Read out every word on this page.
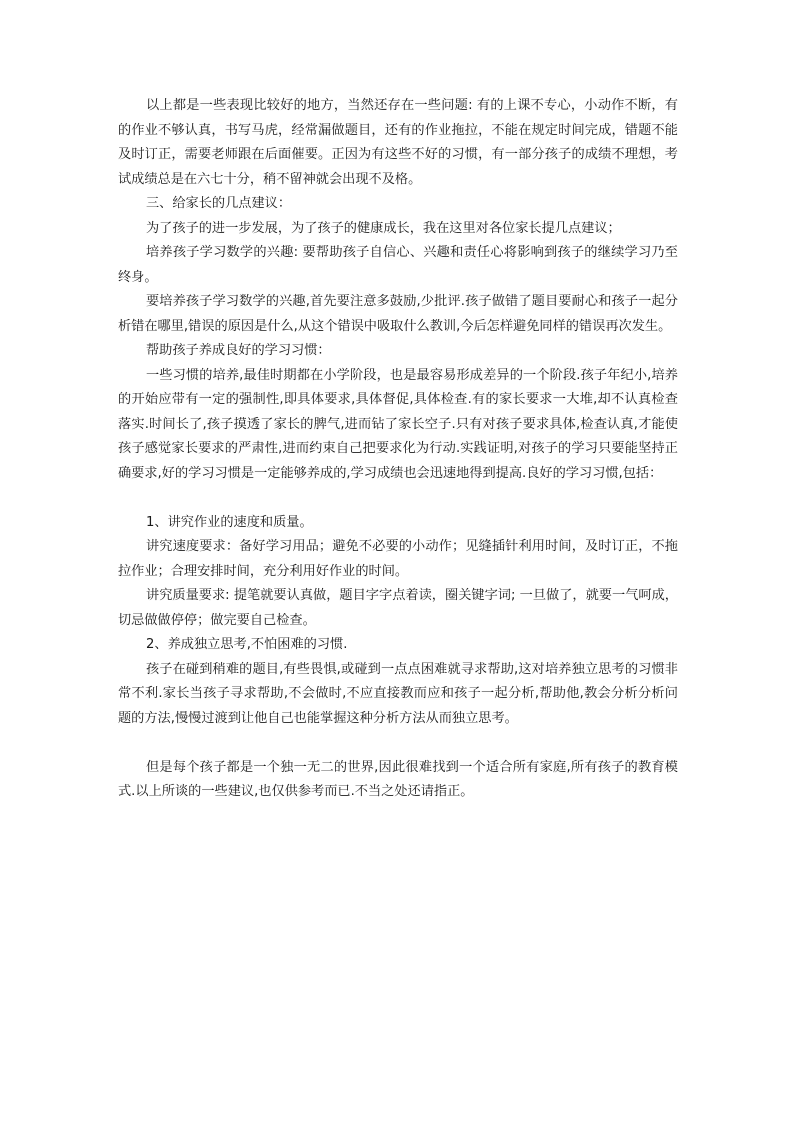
以上都是一些表现比较好的地方，当然还存在一些问题: 有的上课不专心，小动作不断，有的作业不够认真，书写马虎，经常漏做题目，还有的作业拖拉，不能在规定时间完成，错题不能及时订正，需要老师跟在后面催要。正因为有这些不好的习惯，有一部分孩子的成绩不理想，考试成绩总是在六七十分，稍不留神就会出现不及格。

三、给家长的几点建议：

为了孩子的进一步发展，为了孩子的健康成长，我在这里对各位家长提几点建议；

培养孩子学习数学的兴趣: 要帮助孩子自信心、兴趣和责任心将影响到孩子的继续学习乃至终身。

要培养孩子学习数学的兴趣,首先要注意多鼓励,少批评.孩子做错了题目要耐心和孩子一起分析错在哪里,错误的原因是什么,从这个错误中吸取什么教训,今后怎样避免同样的错误再次发生。

帮助孩子养成良好的学习习惯：

一些习惯的培养,最佳时期都在小学阶段，也是最容易形成差异的一个阶段.孩子年纪小,培养的开始应带有一定的强制性,即具体要求,具体督促,具体检查.有的家长要求一大堆,却不认真检查落实.时间长了,孩子摸透了家长的脾气,进而钻了家长空子.只有对孩子要求具体,检查认真,才能使孩子感觉家长要求的严肃性,进而约束自己把要求化为行动.实践证明,对孩子的学习只要能坚持正确要求,好的学习习惯是一定能够养成的,学习成绩也会迅速地得到提高.良好的学习习惯,包括：

1、讲究作业的速度和质量。

讲究速度要求：备好学习用品；避免不必要的小动作；见缝插针利用时间，及时订正，不拖拉作业；合理安排时间，充分利用好作业的时间。

讲究质量要求: 提笔就要认真做，题目字字点着读，圈关键字词; 一旦做了，就要一气呵成，切忌做做停停；做完要自己检查。

2、养成独立思考,不怕困难的习惯.

孩子在碰到稍难的题目,有些畏惧,或碰到一点点困难就寻求帮助,这对培养独立思考的习惯非常不利.家长当孩子寻求帮助,不会做时,不应直接教而应和孩子一起分析,帮助他,教会分析分析问题的方法,慢慢过渡到让他自己也能掌握这种分析方法从而独立思考。

但是每个孩子都是一个独一无二的世界,因此很难找到一个适合所有家庭,所有孩子的教育模式.以上所谈的一些建议,也仅供参考而已.不当之处还请指正。
